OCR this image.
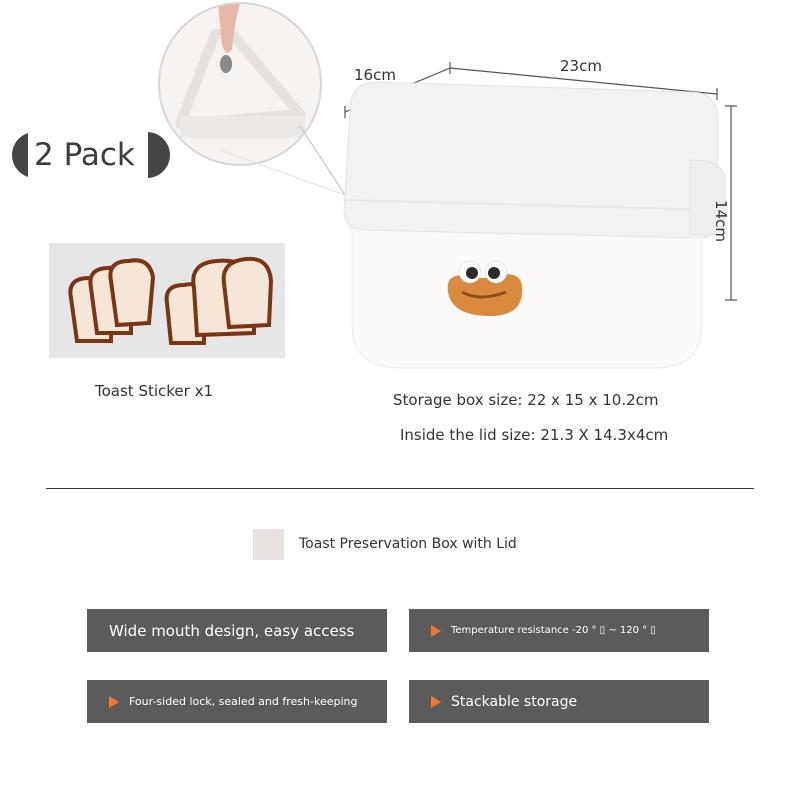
2 Pack
16cm	23cm
14cm
Toast Sticker x1	Storage box size: 22 x 15 x 10.2cm
Inside the lid size: 21.3 X 14.3x4cm
Toast Preservation Box with Lid
Wide mouth design, easy access	Temperature resistance -20 ° ▯ ~ 120 ° ▯
Four-sided lock, sealed and fresh-keeping	Stackable storage
